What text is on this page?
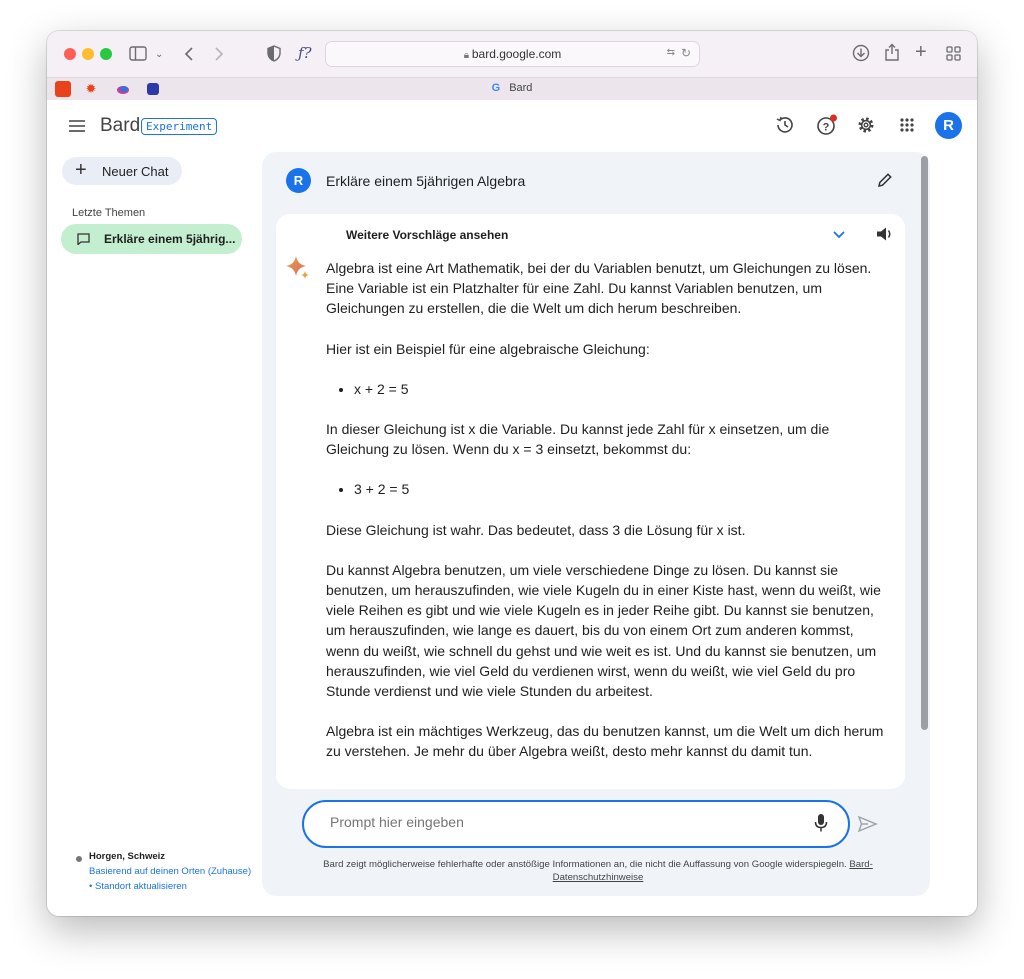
⌄	ƒ?	🔒︎ bard.google.com	⇆ ↻	+
✹	G Bard
Bard Experiment	?	R
+ Neuer Chat
Letzte Themen
Erkläre einem 5jährig...
Horgen, Schweiz
Basierend auf deinen Orten (Zuhause)
• Standort aktualisieren
R	Erkläre einem 5jährigen Algebra
Weitere Vorschläge ansehen

Algebra ist eine Art Mathematik, bei der du Variablen benutzt, um Gleichungen zu lösen. Eine Variable ist ein Platzhalter für eine Zahl. Du kannst Variablen benutzen, um Gleichungen zu erstellen, die die Welt um dich herum beschreiben.

Hier ist ein Beispiel für eine algebraische Gleichung:

• x + 2 = 5

In dieser Gleichung ist x die Variable. Du kannst jede Zahl für x einsetzen, um die Gleichung zu lösen. Wenn du x = 3 einsetzt, bekommst du:

• 3 + 2 = 5

Diese Gleichung ist wahr. Das bedeutet, dass 3 die Lösung für x ist.

Du kannst Algebra benutzen, um viele verschiedene Dinge zu lösen. Du kannst sie benutzen, um herauszufinden, wie viele Kugeln du in einer Kiste hast, wenn du weißt, wie viele Reihen es gibt und wie viele Kugeln es in jeder Reihe gibt. Du kannst sie benutzen, um herauszufinden, wie lange es dauert, bis du von einem Ort zum anderen kommst, wenn du weißt, wie schnell du gehst und wie weit es ist. Und du kannst sie benutzen, um herauszufinden, wie viel Geld du verdienen wirst, wenn du weißt, wie viel Geld du pro Stunde verdienst und wie viele Stunden du arbeitest.

Algebra ist ein mächtiges Werkzeug, das du benutzen kannst, um die Welt um dich herum zu verstehen. Je mehr du über Algebra weißt, desto mehr kannst du damit tun.

Prompt hier eingeben
Bard zeigt möglicherweise fehlerhafte oder anstößige Informationen an, die nicht die Auffassung von Google widerspiegeln. Bard-Datenschutzhinweise
